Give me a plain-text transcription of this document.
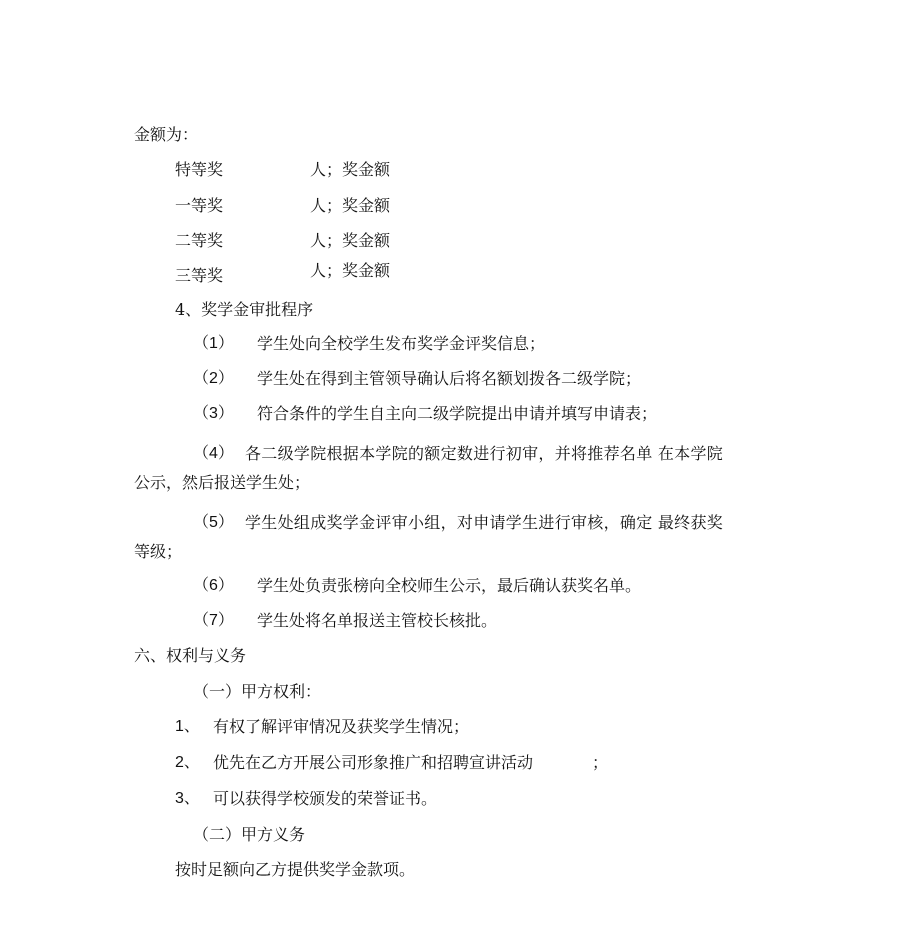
金额为：
特等奖	人；奖金额
一等奖	人；奖金额
二等奖	人；奖金额
三等奖	人；奖金额
4、奖学金审批程序
（1） 学生处向全校学生发布奖学金评奖信息；
（2） 学生处在得到主管领导确认后将名额划拨各二级学院；
（3） 符合条件的学生自主向二级学院提出申请并填写申请表；
（4） 各二级学院根据本学院的额定数进行初审，并将推荐名单 在本学院
公示，然后报送学生处；
（5） 学生处组成奖学金评审小组，对申请学生进行审核，确定 最终获奖
等级；
（6） 学生处负责张榜向全校师生公示，最后确认获奖名单。
（7） 学生处将名单报送主管校长核批。
六、权利与义务
（一）甲方权利：
1、 有权了解评审情况及获奖学生情况；
2、 优先在乙方开展公司形象推广和招聘宣讲活动	；
3、 可以获得学校颁发的荣誉证书。
（二）甲方义务
按时足额向乙方提供奖学金款项。
